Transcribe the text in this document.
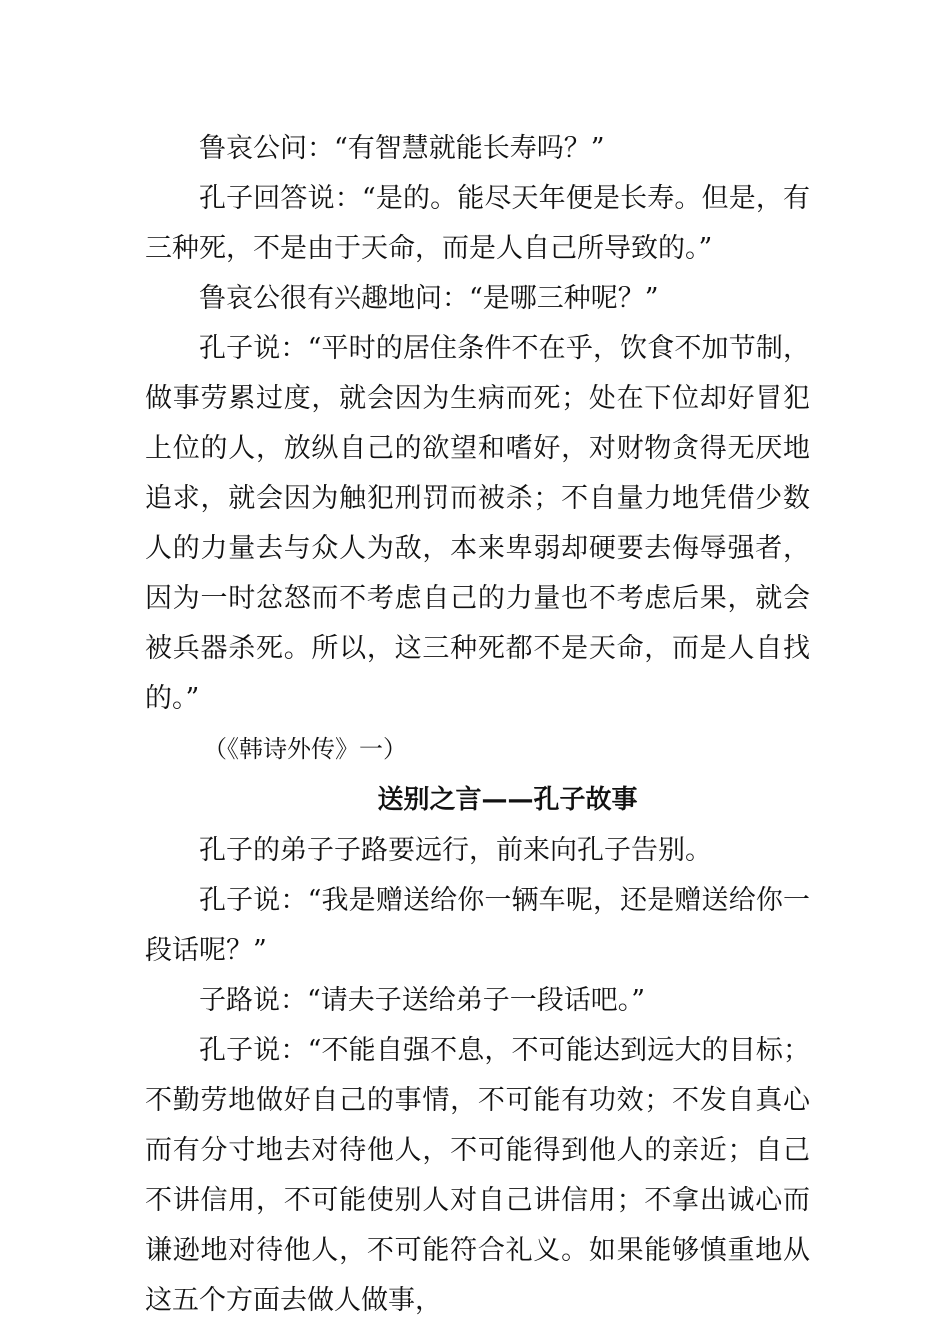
鲁哀公问：“有智慧就能长寿吗？”

孔子回答说：“是的。能尽天年便是长寿。但是，有三种死，不是由于天命，而是人自己所导致的。”

鲁哀公很有兴趣地问：“是哪三种呢？”

孔子说：“平时的居住条件不在乎，饮食不加节制，做事劳累过度，就会因为生病而死；处在下位却好冒犯上位的人，放纵自己的欲望和嗜好，对财物贪得无厌地追求，就会因为触犯刑罚而被杀；不自量力地凭借少数人的力量去与众人为敌，本来卑弱却硬要去侮辱强者，因为一时忿怒而不考虑自己的力量也不考虑后果，就会被兵器杀死。所以，这三种死都不是天命，而是人自找的。”

（《韩诗外传》一）

送别之言——孔子故事

孔子的弟子子路要远行，前来向孔子告别。

孔子说：“我是赠送给你一辆车呢，还是赠送给你一段话呢？”

子路说：“请夫子送给弟子一段话吧。”

孔子说：“不能自强不息，不可能达到远大的目标；不勤劳地做好自己的事情，不可能有功效；不发自真心而有分寸地去对待他人，不可能得到他人的亲近；自己不讲信用，不可能使别人对自己讲信用；不拿出诚心而谦逊地对待他人，不可能符合礼义。如果能够慎重地从这五个方面去做人做事，
